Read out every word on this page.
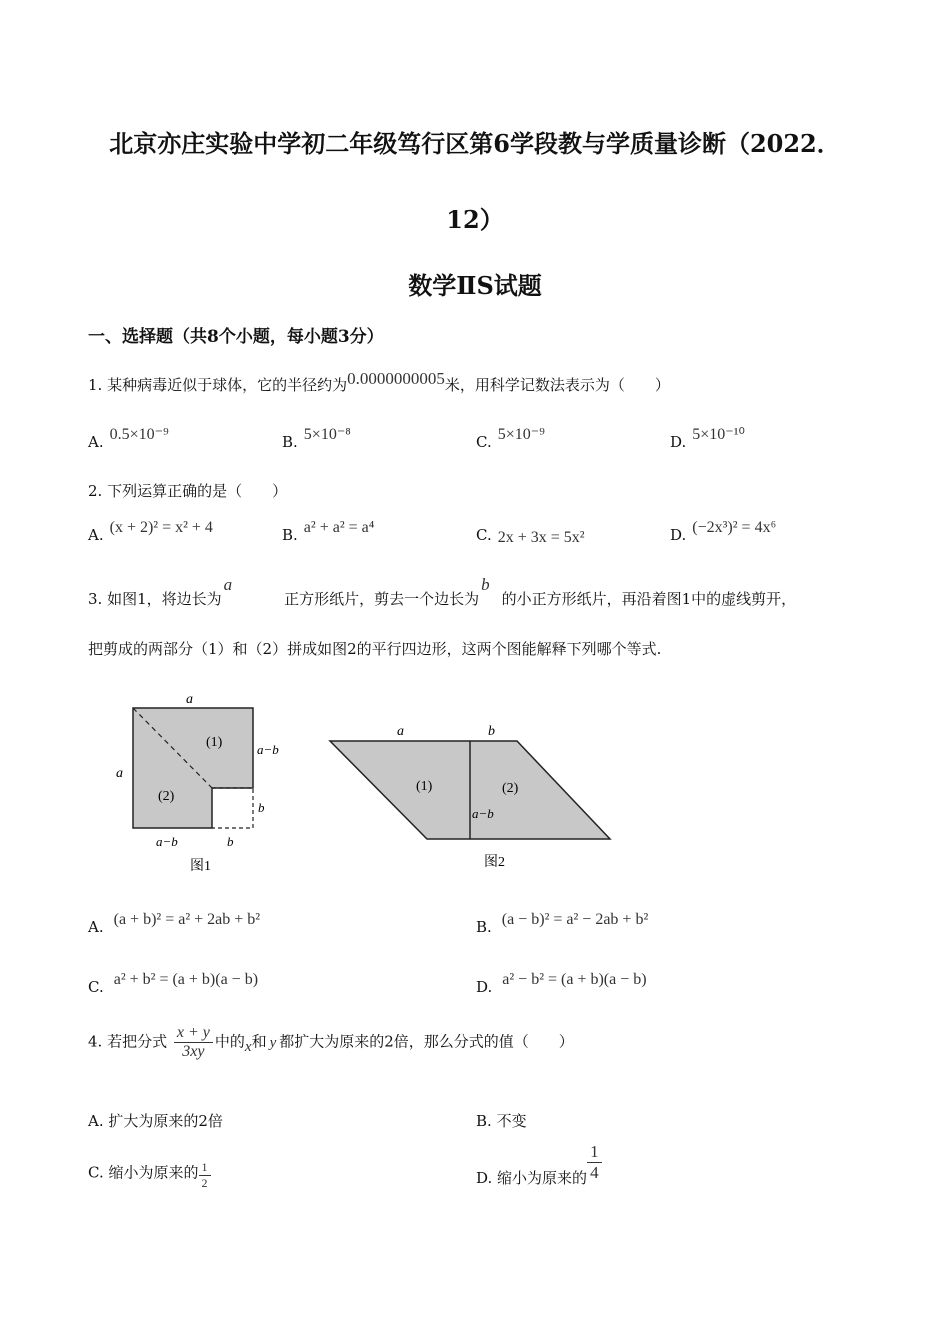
北京亦庄实验中学初二年级笃行区第6学段教与学质量诊断（2022．
12）
数学ⅡS试题
一、选择题（共8个小题，每小题3分）
1. 某种病毒近似于球体，它的半径约为0.0000000005米，用科学记数法表示为（　　）
A. 0.5×10⁻⁹	B. 5×10⁻⁸	C. 5×10⁻⁹	D. 5×10⁻¹⁰
2. 下列运算正确的是（　　）
A. (x + 2)² = x² + 4	B. a² + a² = a⁴	C. 2x + 3x = 5x²	D. (−2x³)² = 4x⁶
3. 如图1，将边长为a正方形纸片，剪去一个边长为b的小正方形纸片，再沿着图1中的虚线剪开，
把剪成的两部分（1）和（2）拼成如图2的平行四边形，这两个图能解释下列哪个等式.
a
a
a−b
a−b
b
b
(1)
(2)
图1
a	b
(1)	(2)
a−b
图2
A. (a + b)² = a² + 2ab + b²	B. (a − b)² = a² − 2ab + b²
C. a² + b² = (a + b)(a − b)	D. a² − b² = (a + b)(a − b)
4. 若把分式 $\frac{x + y}{3xy}$ 中的x和 y 都扩大为原来的2倍，那么分式的值（　　）
A. 扩大为原来的2倍	B. 不变
C. 缩小为原来的 $\frac{1}{2}$	D. 缩小为原来的 $\frac{1}{4}$
